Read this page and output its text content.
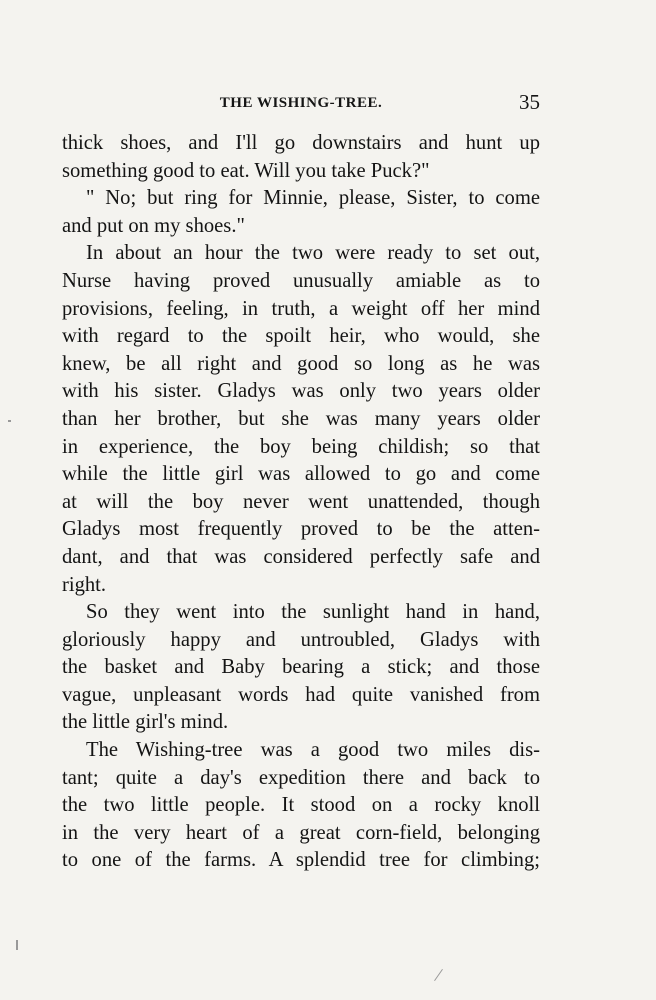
THE WISHING-TREE.	35
thick shoes, and I'll go downstairs and hunt up
something good to eat. Will you take Puck?"
" No; but ring for Minnie, please, Sister, to come
and put on my shoes."
In about an hour the two were ready to set out,
Nurse having proved unusually amiable as to
provisions, feeling, in truth, a weight off her mind
with regard to the spoilt heir, who would, she
knew, be all right and good so long as he was
with his sister. Gladys was only two years older
than her brother, but she was many years older
in experience, the boy being childish; so that
while the little girl was allowed to go and come
at will the boy never went unattended, though
Gladys most frequently proved to be the atten-
dant, and that was considered perfectly safe and
right.
So they went into the sunlight hand in hand,
gloriously happy and untroubled, Gladys with
the basket and Baby bearing a stick; and those
vague, unpleasant words had quite vanished from
the little girl's mind.
The Wishing-tree was a good two miles dis-
tant; quite a day's expedition there and back to
the two little people. It stood on a rocky knoll
in the very heart of a great corn-field, belonging
to one of the farms. A splendid tree for climbing;
